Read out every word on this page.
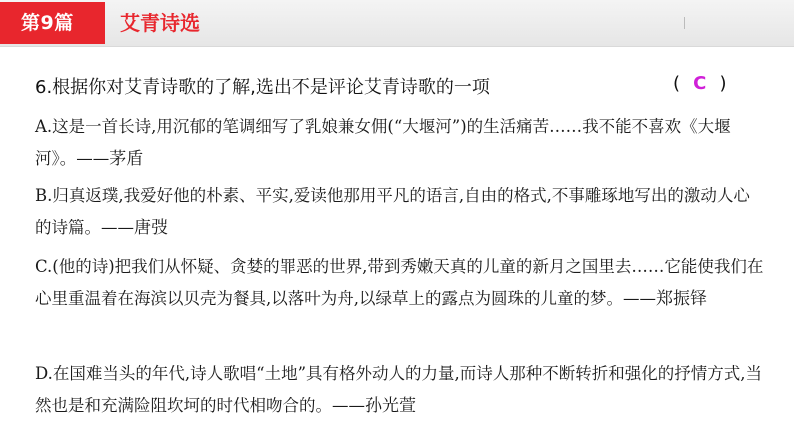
第9篇	艾青诗选
6.根据你对艾青诗歌的了解,选出不是评论艾青诗歌的一项	( C )

A.这是一首长诗,用沉郁的笔调细写了乳娘兼女佣(“大堰河”)的生活痛苦……我不能不喜欢《大堰河》。——茅盾

B.归真返璞,我爱好他的朴素、平实,爱读他那用平凡的语言,自由的格式,不事雕琢地写出的激动人心的诗篇。——唐弢

C.(他的诗)把我们从怀疑、贪婪的罪恶的世界,带到秀嫩天真的儿童的新月之国里去……它能使我们在心里重温着在海滨以贝壳为餐具,以落叶为舟,以绿草上的露点为圆珠的儿童的梦。——郑振铎

D.在国难当头的年代,诗人歌唱“土地”具有格外动人的力量,而诗人那种不断转折和强化的抒情方式,当然也是和充满险阻坎坷的时代相吻合的。——孙光萱
